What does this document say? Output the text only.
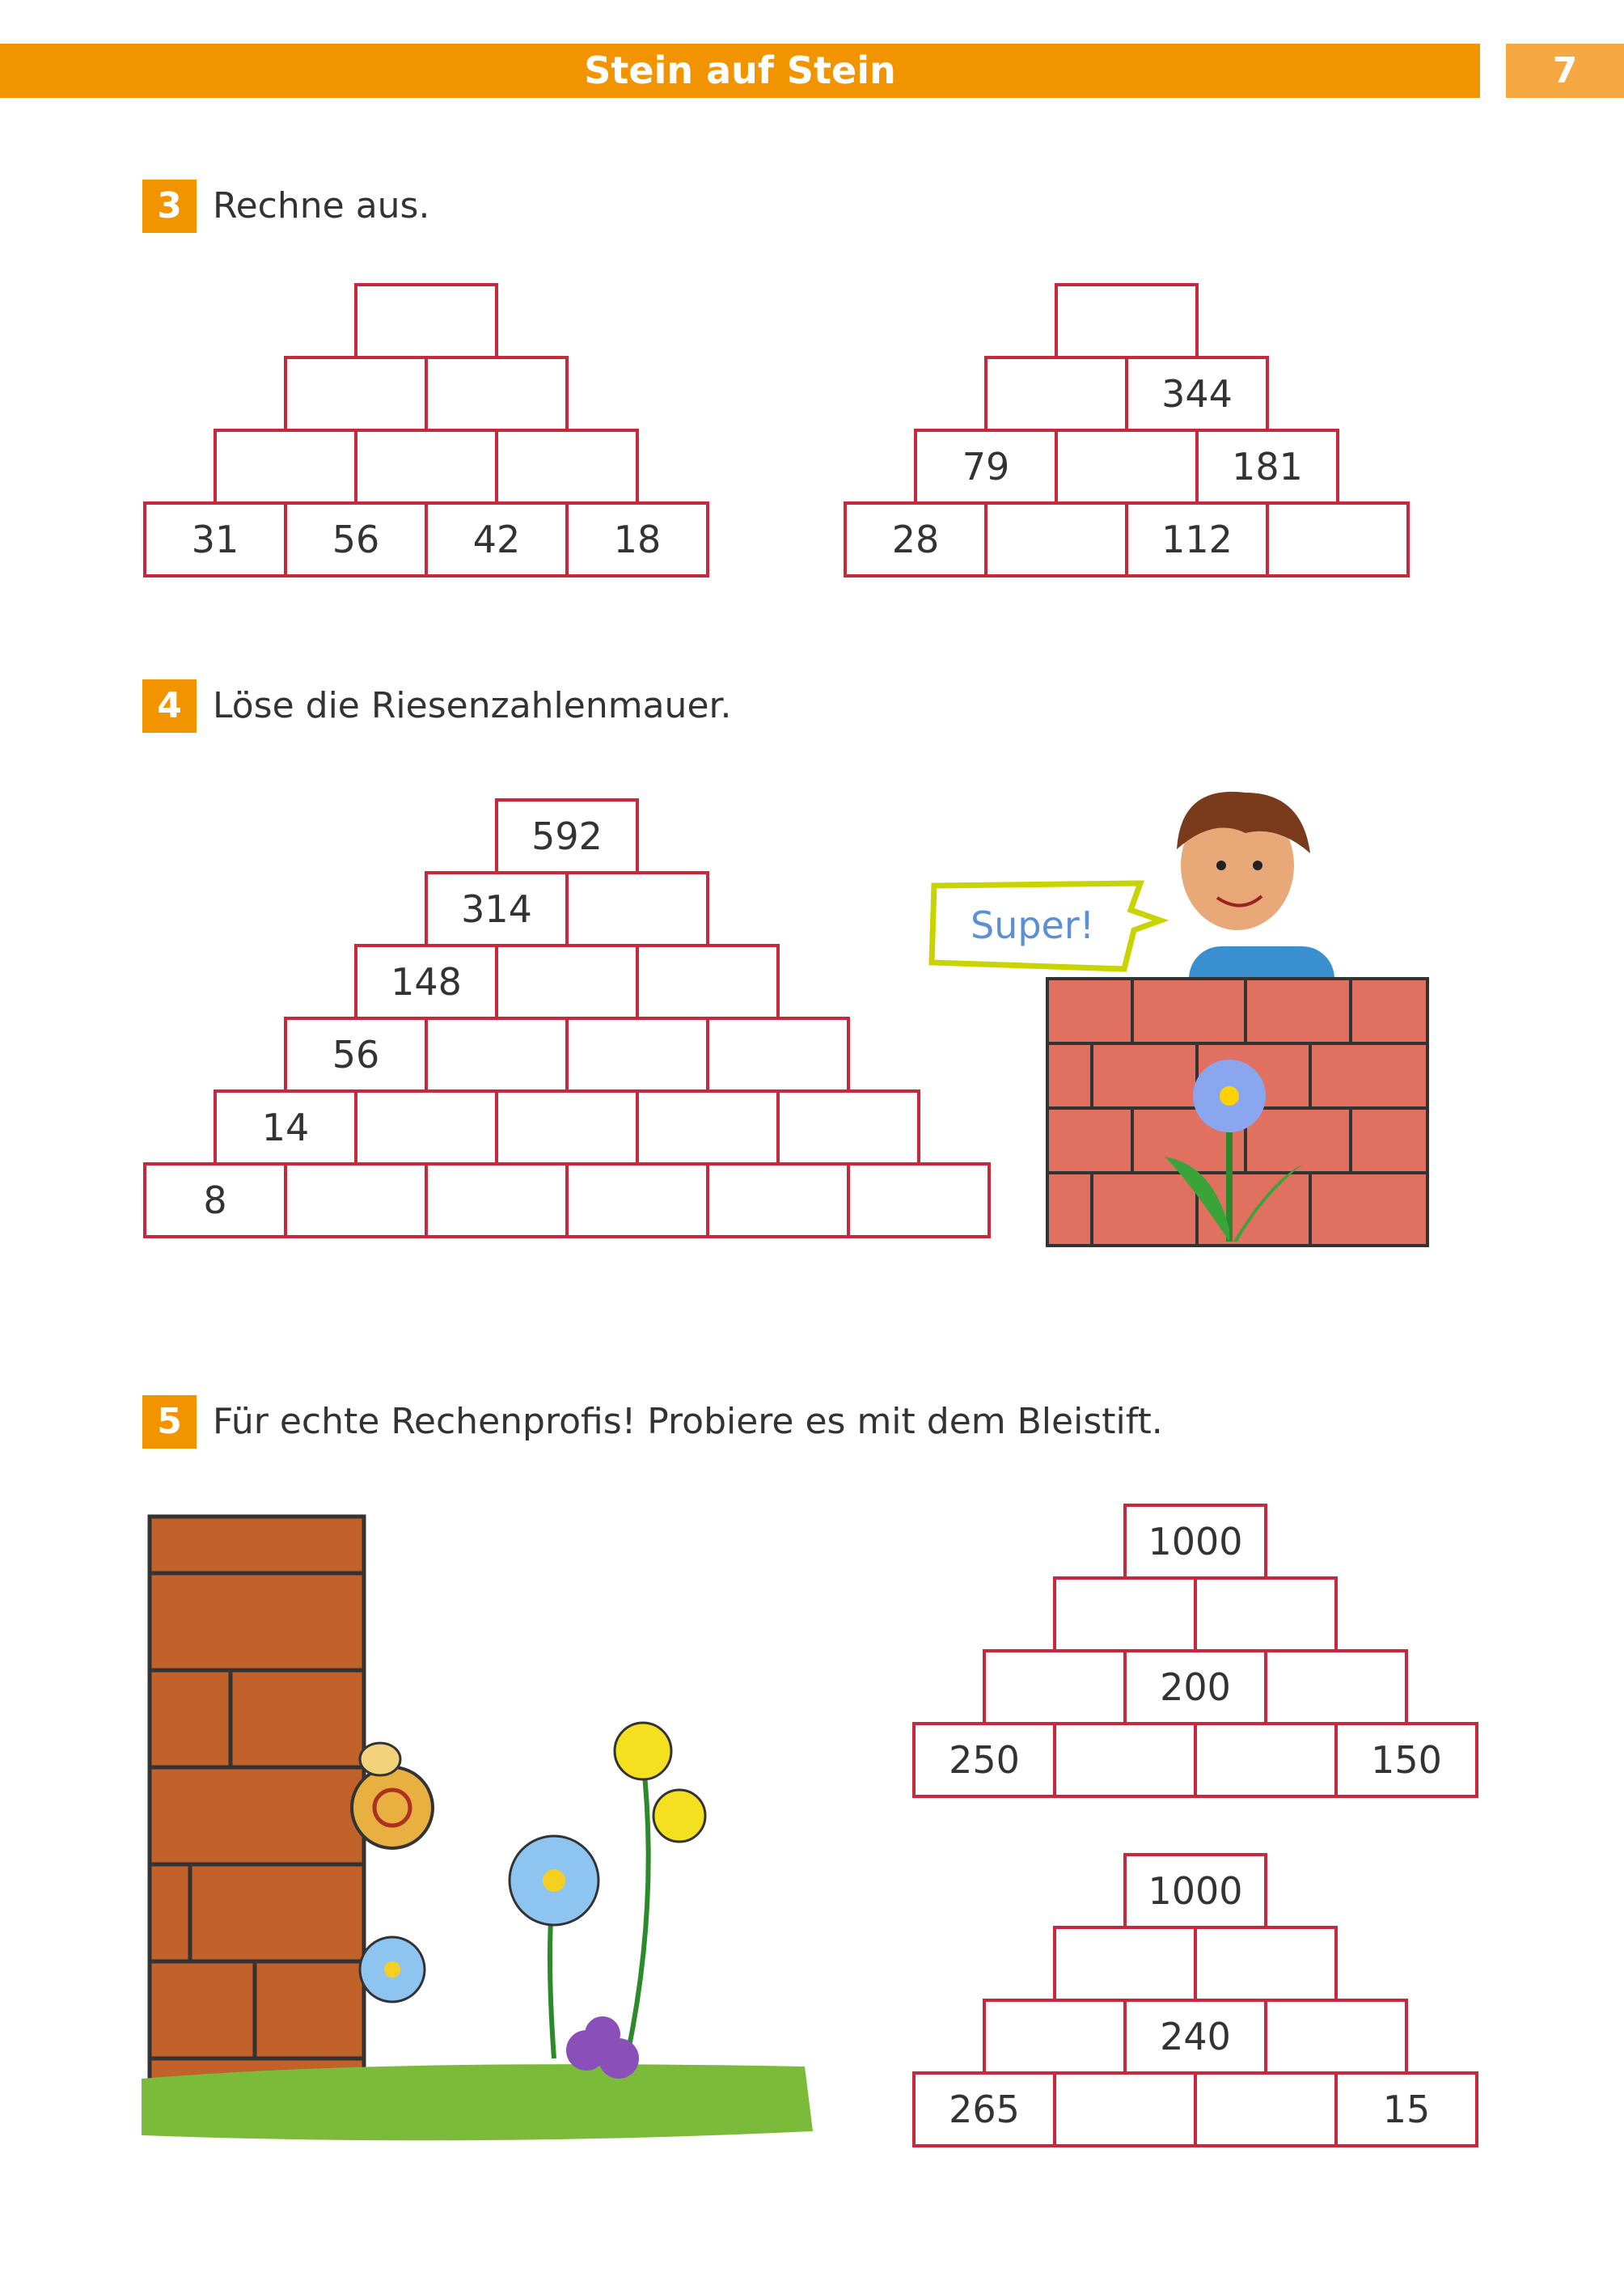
Stein auf Stein	7
3 Rechne aus.
4 Löse die Riesenzahlenmauer.
5 Für echte Rechenprofis! Probiere es mit dem Bleistift.
31	56	42	18
344
79	181
28	112
592
314
148
56
14
8
1000
200
250	150
1000
240
265	15
Super!
